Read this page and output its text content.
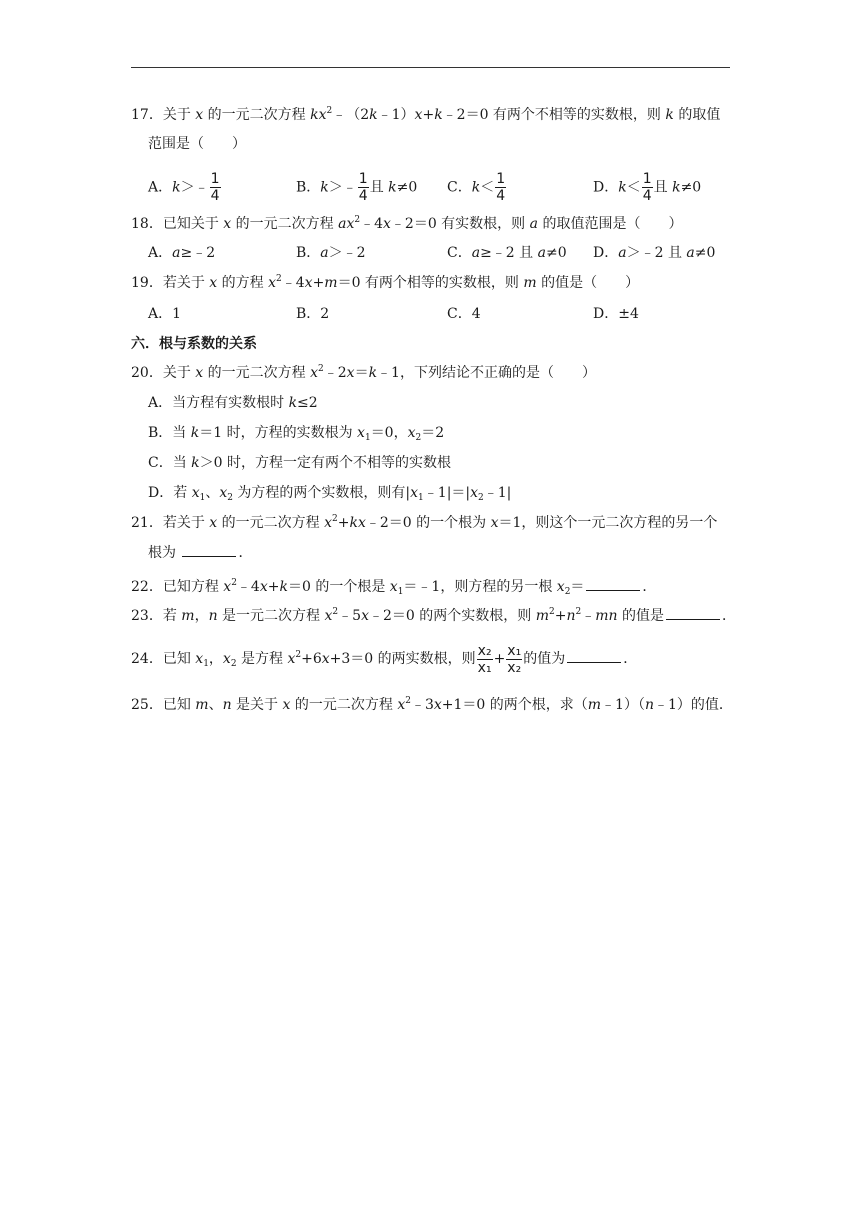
17．关于 x 的一元二次方程 $kx^2﹣(2k﹣1)x+k﹣2=0$ 有两个不相等的实数根，则 k 的取值
范围是（　　）
A．k＞﹣ $\frac{1}{4}$	B．k＞﹣ $\frac{1}{4}$ 且 k≠0 C．$k< \frac{1}{4}$	D．$k< \frac{1}{4}$ 且 k≠0
18．已知关于 x 的一元二次方程 $ax^2﹣4x﹣2=0$ 有实数根，则 a 的取值范围是（　　）
A．a≥﹣2	B．a＞﹣2	C．a≥﹣2 且 a≠0 D．a＞﹣2 且 a≠0
19．若关于 x 的方程 $x^2﹣4x+m=0$ 有两个相等的实数根，则 m 的值是（　　）
A．1	B．2	C．4	D．±4
六．根与系数的关系
20．关于 x 的一元二次方程 $x^2﹣2x=k﹣1$，下列结论不正确的是（　　）
A．当方程有实数根时 k≤2
B．当 k＝1 时，方程的实数根为 $x_1=0$，$x_2=2$
C．当 k＞0 时，方程一定有两个不相等的实数根
D．若 $x_1$、$x_2$ 为方程的两个实数根，则有$|x_1﹣1|=|x_2﹣1|$
21．若关于 x 的一元二次方程 $x^2+kx﹣2=0$ 的一个根为 x＝1，则这个一元二次方程的另一个
根为	．
22．已知方程 $x^2﹣4x+k=0$ 的一个根是 $x_1=﹣1$，则方程的另一根 $x_2=$	．
23．若 m，n 是一元二次方程 $x^2﹣5x﹣2=0$ 的两个实数根，则 $m^2+n^2﹣mn$ 的值是	．
24．已知 $x_1$，$x_2$ 是方程 $x^2+6x+3=0$ 的两实数根，则 $\frac{\text{x₂}}{\text{x₁}} + \frac{\text{x₁}}{\text{x₂}}$ 的值为	．
25．已知 m、n 是关于 x 的一元二次方程 $x^2﹣3x+1=0$ 的两个根，求（m﹣1）（n﹣1）的值．
